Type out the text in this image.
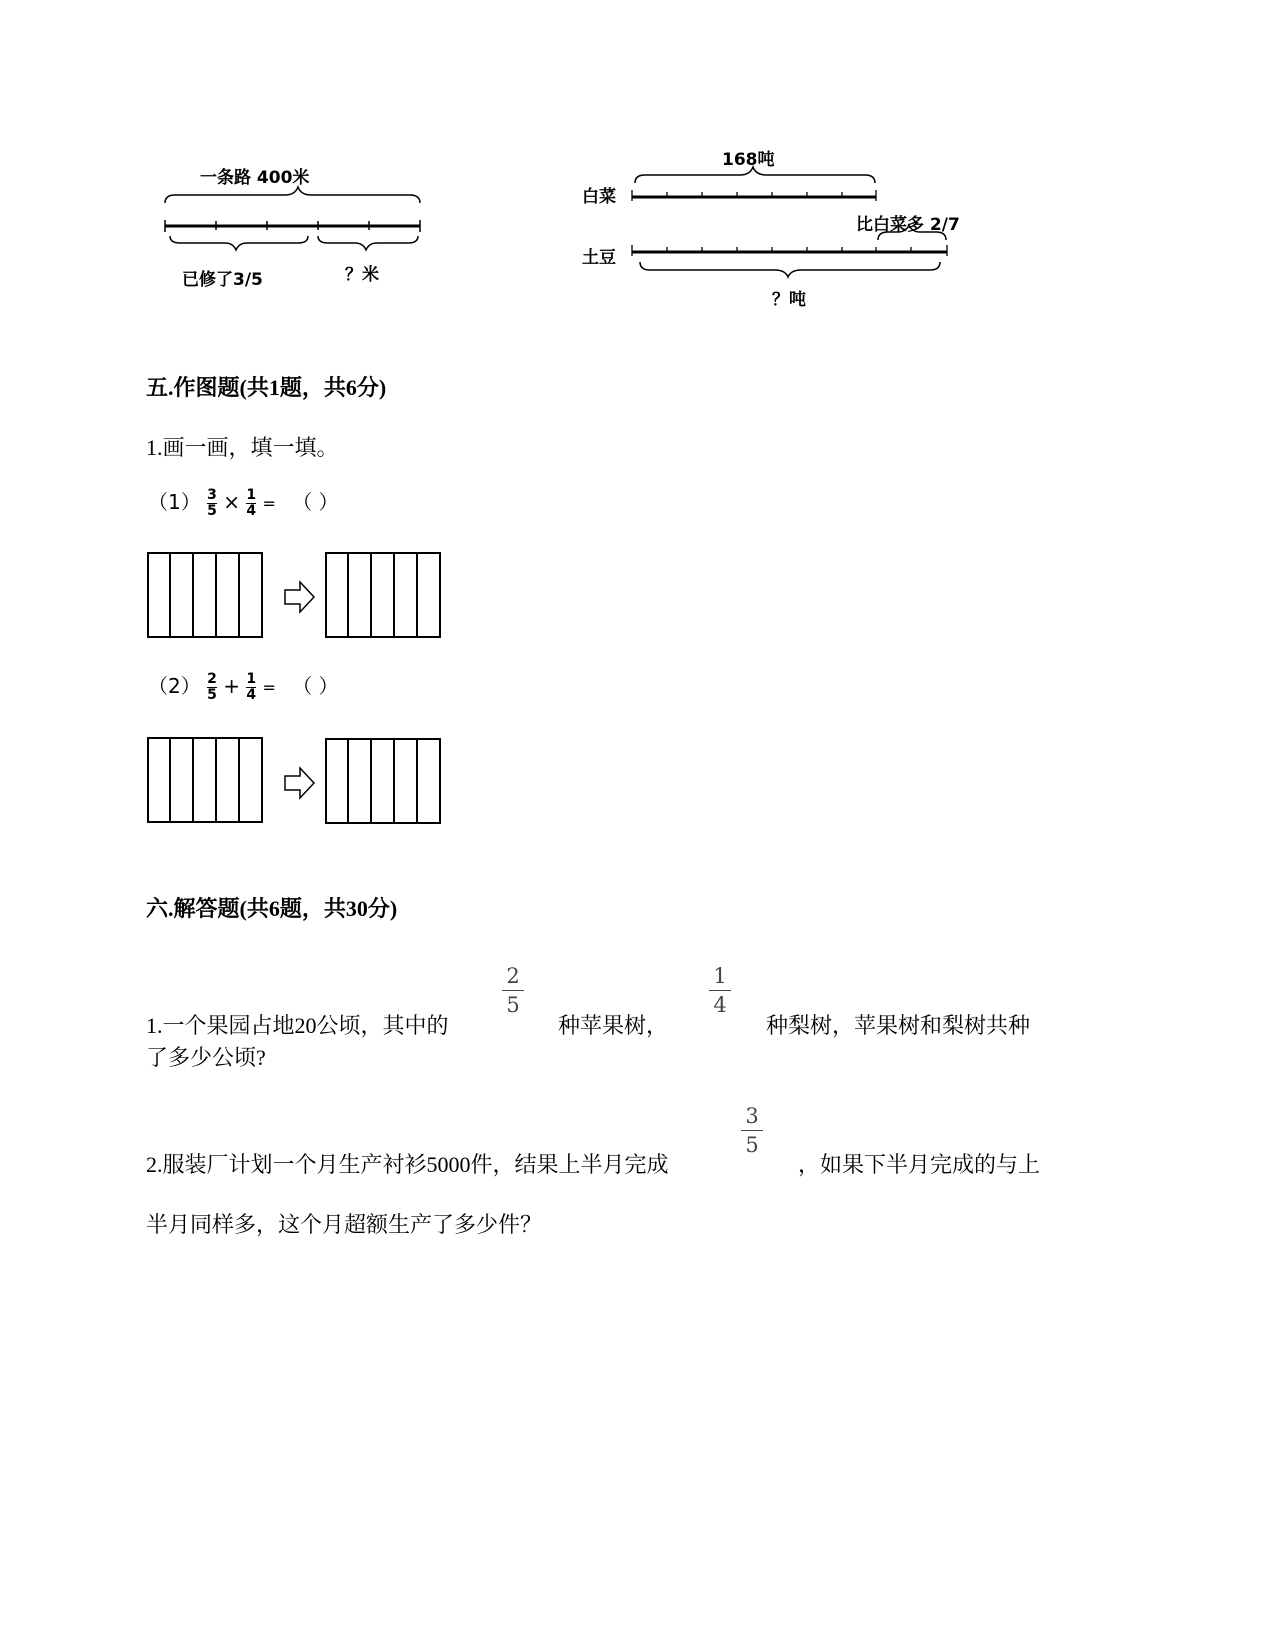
一条路 400米
已修了3/5	？米
168吨
白菜
土豆
比白菜多 2/7
？吨
五.作图题(共1题，共6分)
1.画一画，填一填。
$(1) \frac{3}{5} \times \frac{1}{4}$ = （ ）
$(2) \frac{2}{5} + \frac{1}{4}$ = （ ）
六.解答题(共6题，共30分)
2
5
1
4
1.一个果园占地20公顷，其中的	种苹果树，	种梨树，苹果树和梨树共种
了多少公顷?
3
5
2.服装厂计划一个月生产衬衫5000件，结果上半月完成	，如果下半月完成的与上
半月同样多，这个月超额生产了多少件？
